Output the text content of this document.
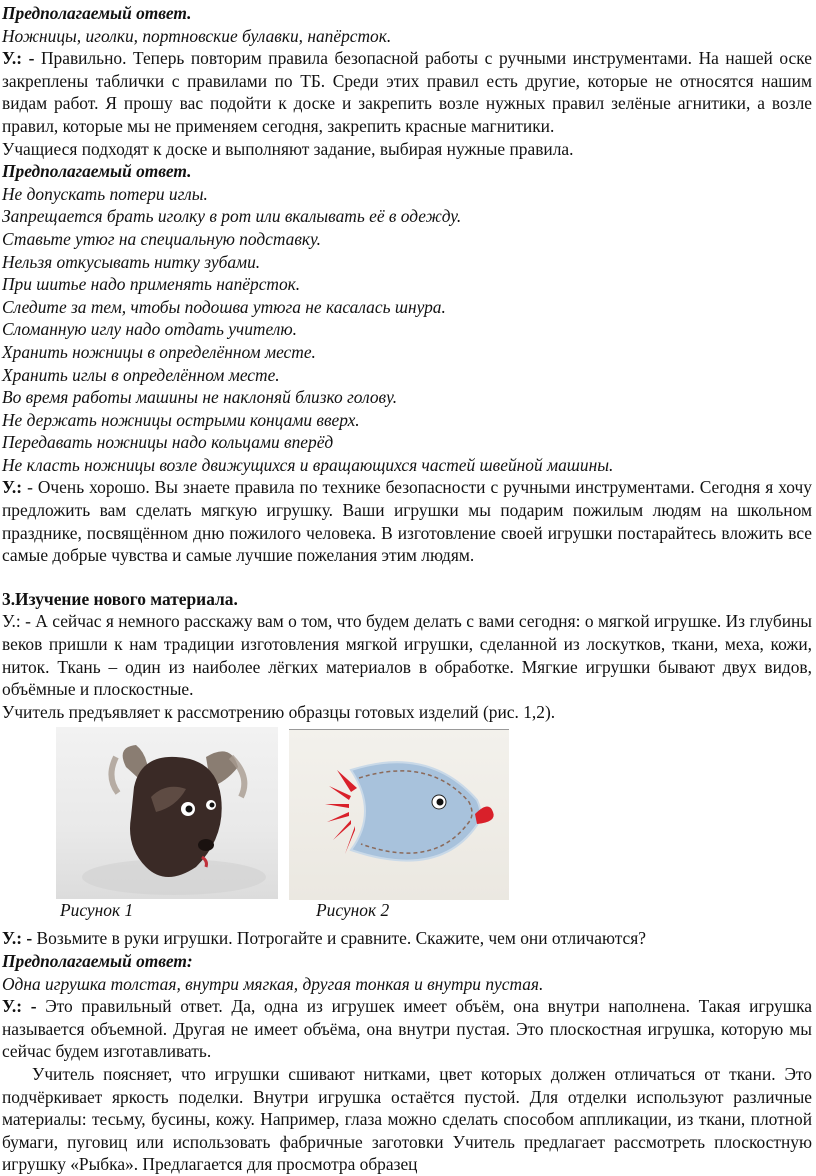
Предполагаемый ответ.

Ножницы, иголки, портновские булавки, напёрсток.

У.: - Правильно. Теперь повторим правила безопасной работы с ручными инструментами. На нашей оске закреплены таблички с правилами по ТБ. Среди этих правил есть другие, которые не относятся нашим видам работ. Я прошу вас подойти к доске и закрепить возле нужных правил зелёные агнитики, а возле правил, которые мы не применяем сегодня, закрепить красные магнитики.

Учащиеся подходят к доске и выполняют задание, выбирая нужные правила.

Предполагаемый ответ.

Не допускать потери иглы.

Запрещается брать иголку в рот или вкалывать её в одежду.

Ставьте утюг на специальную подставку.

Нельзя откусывать нитку зубами.

При шитье надо применять напёрсток.

Следите за тем, чтобы подошва утюга не касалась шнура.

Сломанную иглу надо отдать учителю.

Хранить ножницы в определённом месте.

Хранить иглы в определённом месте.

Во время работы машины не наклоняй близко голову.

Не держать ножницы острыми концами вверх.

Передавать ножницы надо кольцами вперёд

Не класть ножницы возле движущихся и вращающихся частей швейной машины.

У.: - Очень хорошо. Вы знаете правила по технике безопасности с ручными инструментами. Сегодня я хочу предложить вам сделать мягкую игрушку. Ваши игрушки мы подарим пожилым людям на школьном празднике, посвящённом дню пожилого человека. В изготовление своей игрушки постарайтесь вложить все самые добрые чувства и самые лучшие пожелания этим людям.

3.Изучение нового материала.

У.: - А сейчас я немного расскажу вам о том, что будем делать с вами сегодня: о мягкой игрушке. Из глубины веков пришли к нам традиции изготовления мягкой игрушки, сделанной из лоскутков, ткани, меха, кожи, ниток. Ткань – один из наиболее лёгких материалов в обработке. Мягкие игрушки бывают двух видов, объёмные и плоскостные.

Учитель предъявляет к рассмотрению образцы готовых изделий (рис. 1,2).

Рисунок 1	Рисунок 2

У.: - Возьмите в руки игрушки. Потрогайте и сравните. Скажите, чем они отличаются?

Предполагаемый ответ:

Одна игрушка толстая, внутри мягкая, другая тонкая и внутри пустая.

У.: - Это правильный ответ. Да, одна из игрушек имеет объём, она внутри наполнена. Такая игрушка называется объемной. Другая не имеет объёма, она внутри пустая. Это плоскостная игрушка, которую мы сейчас будем изготавливать.

Учитель поясняет, что игрушки сшивают нитками, цвет которых должен отличаться от ткани. Это подчёркивает яркость поделки. Внутри игрушка остаётся пустой. Для отделки используют различные материалы: тесьму, бусины, кожу. Например, глаза можно сделать способом аппликации, из ткани, плотной бумаги, пуговиц или использовать фабричные заготовки Учитель предлагает рассмотреть плоскостную игрушку «Рыбка». Предлагается для просмотра образец
